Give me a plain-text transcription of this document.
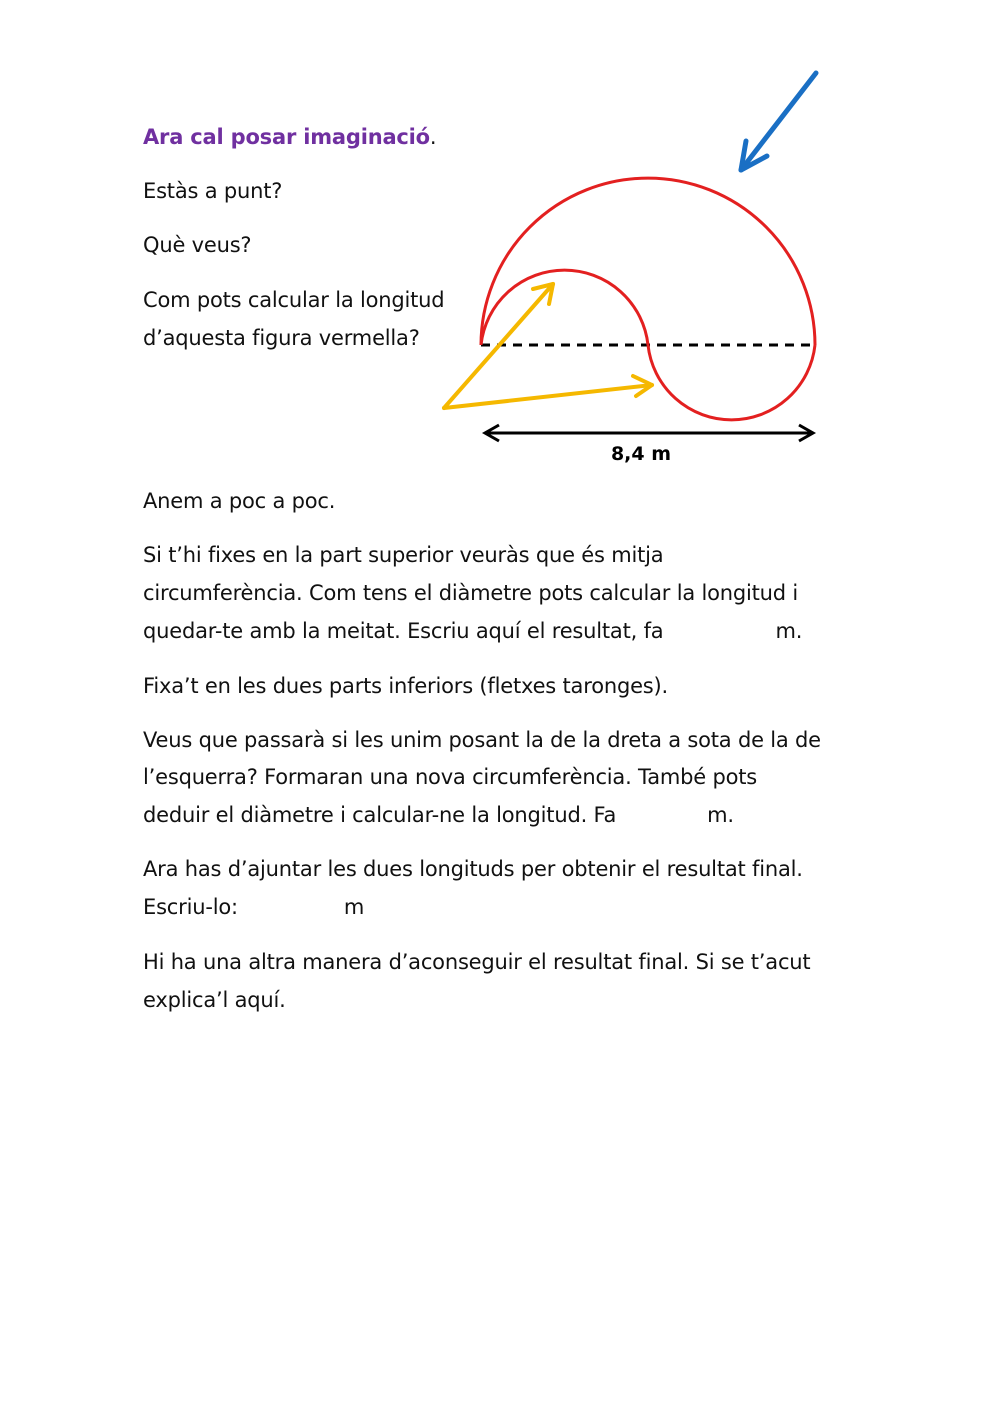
Ara cal posar imaginació.
Estàs a punt?
Què veus?
Com pots calcular la longitud
d’aquesta figura vermella?
8,4 m
Anem a poc a poc.
Si t’hi fixes en la part superior veuràs que és mitja
circumferència. Com tens el diàmetre pots calcular la longitud i
quedar-te amb la meitat. Escriu aquí el resultat, fa	m.
Fixa’t en les dues parts inferiors (fletxes taronges).
Veus que passarà si les unim posant la de la dreta a sota de la de
l’esquerra? Formaran una nova circumferència. També pots
deduir el diàmetre i calcular-ne la longitud. Fa	m.
Ara has d’ajuntar les dues longituds per obtenir el resultat final.
Escriu-lo:	m
Hi ha una altra manera d’aconseguir el resultat final. Si se t’acut
explica’l aquí.
